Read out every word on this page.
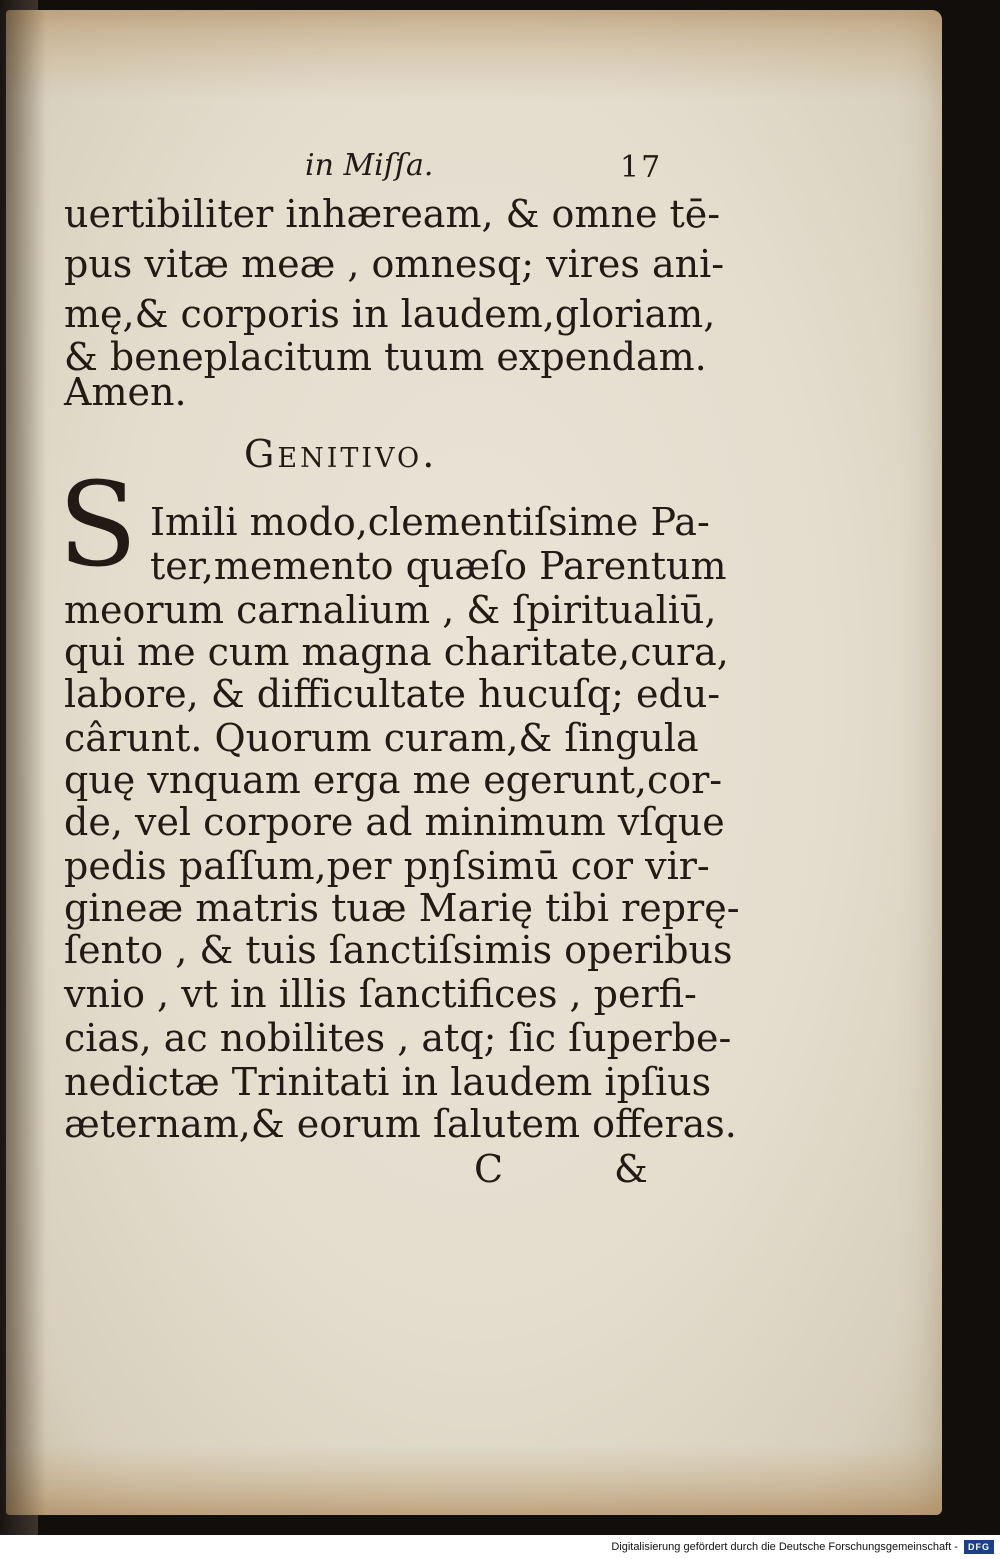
in Miſſa.	17
uertibiliter inhæream, & omne tē-
pus vitæ meæ , omnesq; vires ani-
mę,& corporis in laudem,gloriam,
& beneplacitum tuum expendam.
Amen.
Genitivo.
S Imili modo,clementiſsime Pa-
ter,memento quæſo Parentum
meorum carnalium , & ſpiritualiū,
qui me cum magna charitate,cura,
labore, & difficultate hucuſq; edu-
cârunt. Quorum curam,& ſingula
quę vnquam erga me egerunt,cor-
de, vel corpore ad minimum vſque
pedis paſſum,per pŋſsimū cor vir-
gineæ matris tuæ Marię tibi reprę-
ſento , & tuis ſanctiſsimis operibus
vnio , vt in illis ſanctifices , perfi-
cias, ac nobilites , atq; ſic ſuperbe-
nedictæ Trinitati in laudem ipſius
æternam,& eorum ſalutem offeras.
C	&
Digitalisierung gefördert durch die Deutsche Forschungsgemeinschaft -	DFG
